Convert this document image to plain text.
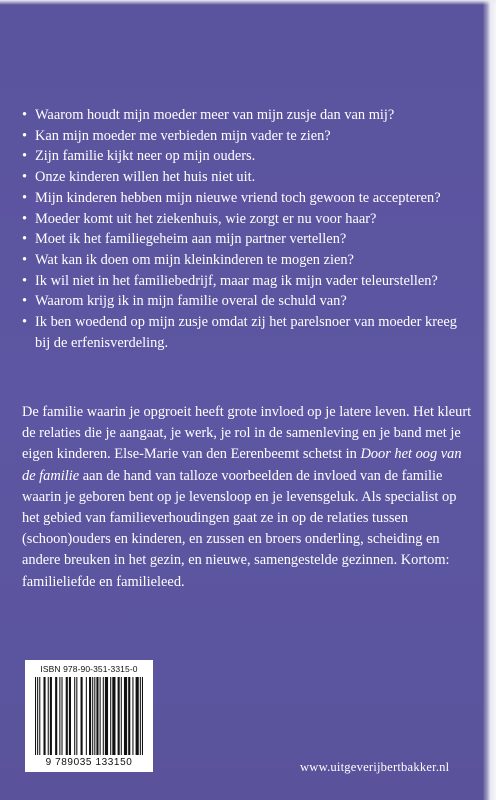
• Waarom houdt mijn moeder meer van mijn zusje dan van mij?
• Kan mijn moeder me verbieden mijn vader te zien?
• Zijn familie kijkt neer op mijn ouders.
• Onze kinderen willen het huis niet uit.
• Mijn kinderen hebben mijn nieuwe vriend toch gewoon te accepteren?
• Moeder komt uit het ziekenhuis, wie zorgt er nu voor haar?
• Moet ik het familiegeheim aan mijn partner vertellen?
• Wat kan ik doen om mijn kleinkinderen te mogen zien?
• Ik wil niet in het familiebedrijf, maar mag ik mijn vader teleurstellen?
• Waarom krijg ik in mijn familie overal de schuld van?
• Ik ben woedend op mijn zusje omdat zij het parelsnoer van moeder kreeg bij de erfenisverdeling.

De familie waarin je opgroeit heeft grote invloed op je latere leven. Het kleurt de relaties die je aangaat, je werk, je rol in de samenleving en je band met je eigen kinderen. Else-Marie van den Eerenbeemt schetst in Door het oog van de familie aan de hand van talloze voorbeelden de invloed van de familie waarin je geboren bent op je levensloop en je levensgeluk. Als specialist op het gebied van familieverhoudingen gaat ze in op de relaties tussen (schoon)ouders en kinderen, en zussen en broers onderling, scheiding en andere breuken in het gezin, en nieuwe, samengestelde gezinnen. Kortom: familieliefde en familieleed.

ISBN 978-90-351-3315-0
9 789035 133150	www.uitgeverijbertbakker.nl
